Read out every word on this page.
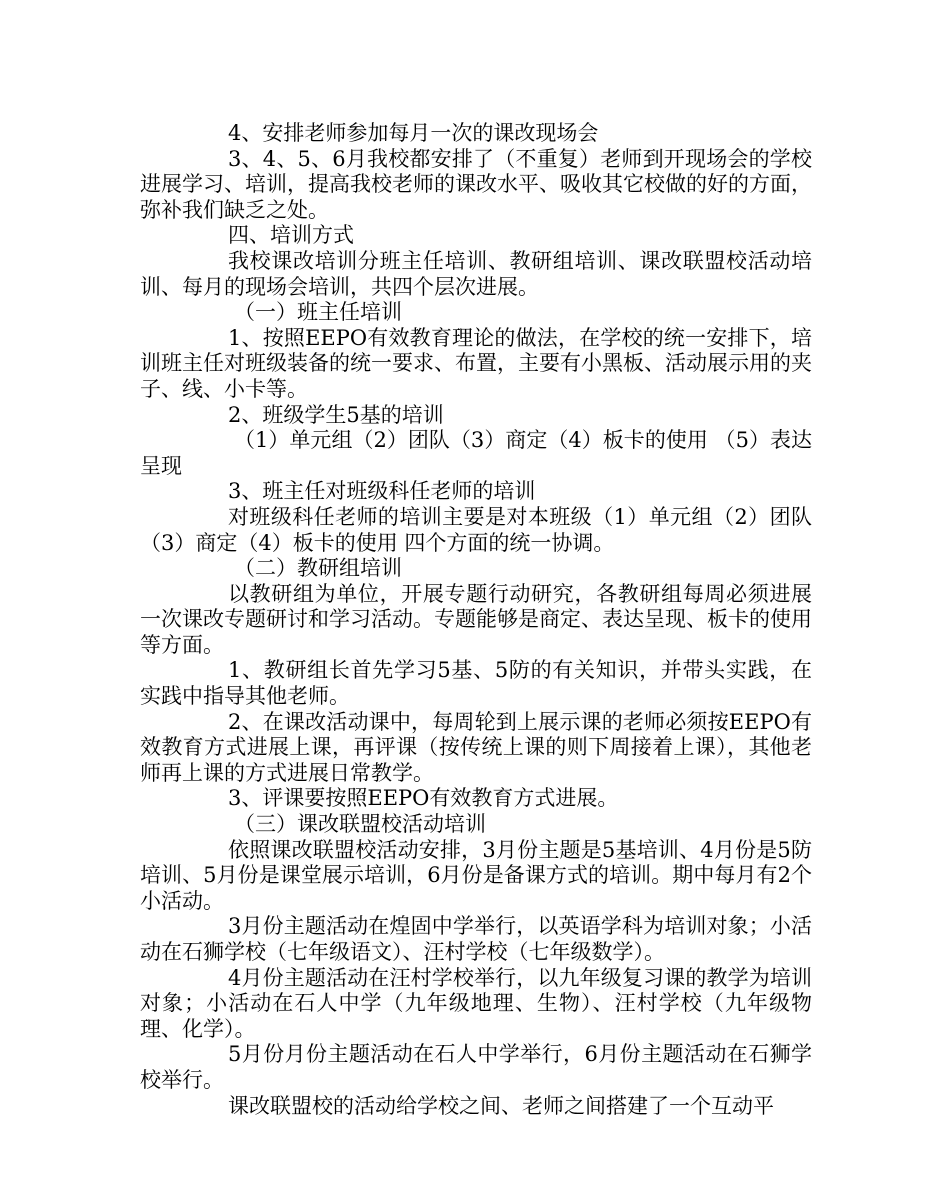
4、安排老师参加每月一次的课改现场会

3、4、5、6月我校都安排了（不重复）老师到开现场会的学校进展学习、培训，提高我校老师的课改水平、吸收其它校做的好的方面，弥补我们缺乏之处。

四、培训方式

我校课改培训分班主任培训、教研组培训、课改联盟校活动培训、每月的现场会培训，共四个层次进展。

（一）班主任培训

1、按照EEPO有效教育理论的做法，在学校的统一安排下，培训班主任对班级装备的统一要求、布置，主要有小黑板、活动展示用的夹子、线、小卡等。

2、班级学生5基的培训

（1）单元组（2）团队（3）商定（4）板卡的使用 （5）表达呈现

3、班主任对班级科任老师的培训

对班级科任老师的培训主要是对本班级（1）单元组（2）团队（3）商定（4）板卡的使用 四个方面的统一协调。

（二）教研组培训

以教研组为单位，开展专题行动研究，各教研组每周必须进展一次课改专题研讨和学习活动。专题能够是商定、表达呈现、板卡的使用等方面。

1、教研组长首先学习5基、5防的有关知识，并带头实践，在实践中指导其他老师。

2、在课改活动课中，每周轮到上展示课的老师必须按EEPO有效教育方式进展上课，再评课（按传统上课的则下周接着上课），其他老师再上课的方式进展日常教学。

3、评课要按照EEPO有效教育方式进展。

（三）课改联盟校活动培训

依照课改联盟校活动安排，3月份主题是5基培训、4月份是5防培训、5月份是课堂展示培训，6月份是备课方式的培训。期中每月有2个小活动。

3月份主题活动在煌固中学举行，以英语学科为培训对象；小活动在石狮学校（七年级语文）、汪村学校（七年级数学）。

4月份主题活动在汪村学校举行，以九年级复习课的教学为培训对象；小活动在石人中学（九年级地理、生物）、汪村学校（九年级物理、化学）。

5月份月份主题活动在石人中学举行，6月份主题活动在石狮学校举行。

课改联盟校的活动给学校之间、老师之间搭建了一个互动平
